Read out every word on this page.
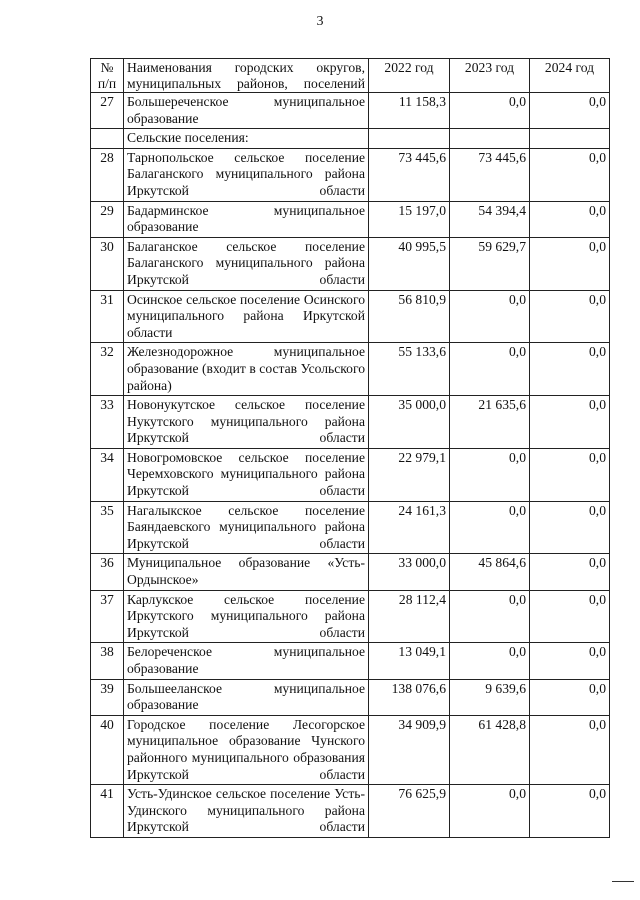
3
№ п/п	Наименования городских округов, муниципальных районов, поселений	2022 год	2023 год	2024 год
27	Большереченское муниципальное образование	11 158,3	0,0	0,0
	Сельские поселения:			
28	Тарнопольское сельское поселение Балаганского муниципального района Иркутской области	73 445,6	73 445,6	0,0
29	Бадарминское муниципальное образование	15 197,0	54 394,4	0,0
30	Балаганское сельское поселение Балаганского муниципального района Иркутской области	40 995,5	59 629,7	0,0
31	Осинское сельское поселение Осинского муниципального района Иркутской области	56 810,9	0,0	0,0
32	Железнодорожное муниципальное образование (входит в состав Усольского района)	55 133,6	0,0	0,0
33	Новонукутское сельское поселение Нукутского муниципального района Иркутской области	35 000,0	21 635,6	0,0
34	Новогромовское сельское поселение Черемховского муниципального района Иркутской области	22 979,1	0,0	0,0
35	Нагалыкское сельское поселение Баяндаевского муниципального района Иркутской области	24 161,3	0,0	0,0
36	Муниципальное образование «Усть-Ордынское»	33 000,0	45 864,6	0,0
37	Карлукское сельское поселение Иркутского муниципального района Иркутской области	28 112,4	0,0	0,0
38	Белореченское муниципальное образование	13 049,1	0,0	0,0
39	Большееланское муниципальное образование	138 076,6	9 639,6	0,0
40	Городское поселение Лесогорское муниципальное образование Чунского районного муниципального образования Иркутской области	34 909,9	61 428,8	0,0
41	Усть-Удинское сельское поселение Усть-Удинского муниципального района Иркутской области	76 625,9	0,0	0,0
